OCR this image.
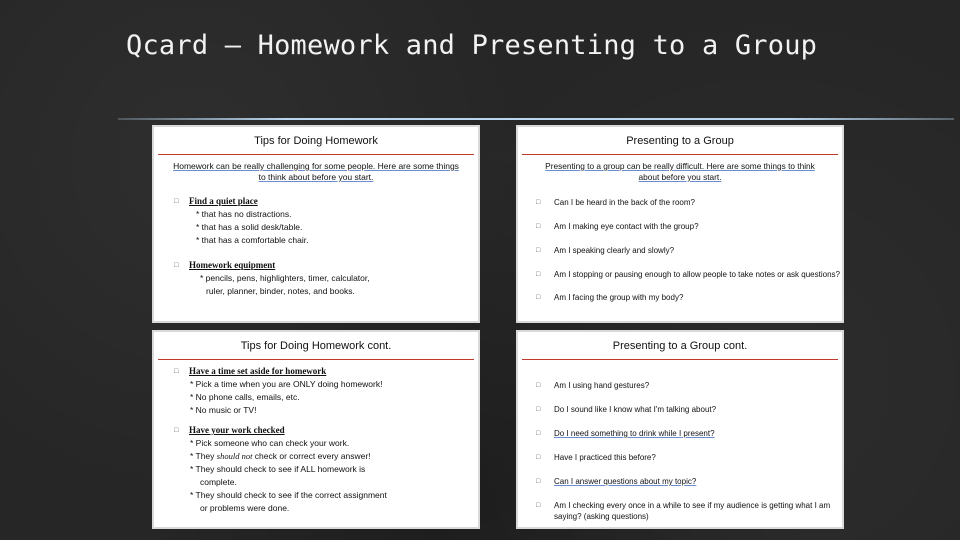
Qcard – Homework and Presenting to a Group
Tips for Doing Homework
Homework can be really challenging for some people. Here are some things
to think about before you start.
□ Find a quiet place
* that has no distractions.
* that has a solid desk/table.
* that has a comfortable chair.
□ Homework equipment
* pencils, pens, highlighters, timer, calculator,
ruler, planner, binder, notes, and books.
Presenting to a Group
Presenting to a group can be really difficult. Here are some things to think
about before you start.
□ Can I be heard in the back of the room?
□ Am I making eye contact with the group?
□ Am I speaking clearly and slowly?
□ Am I stopping or pausing enough to allow people to take notes or ask questions?
□ Am I facing the group with my body?
Tips for Doing Homework cont.
□ Have a time set aside for homework
* Pick a time when you are ONLY doing homework!
* No phone calls, emails, etc.
* No music or TV!
□ Have your work checked
* Pick someone who can check your work.
* They should not check or correct every answer!
* They should check to see if ALL homework is
complete.
* They should check to see if the correct assignment
or problems were done.
Presenting to a Group cont.
□ Am I using hand gestures?
□ Do I sound like I know what I'm talking about?
□ Do I need something to drink while I present?
□ Have I practiced this before?
□ Can I answer questions about my topic?
□ Am I checking every once in a while to see if my audience is getting what I am saying? (asking questions)
